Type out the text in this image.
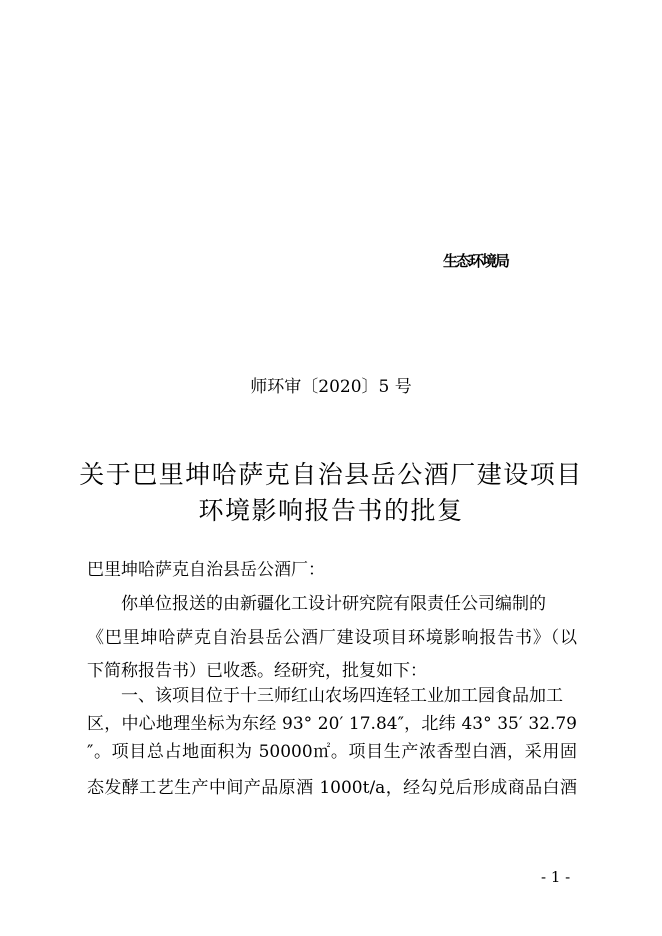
生态环境局
师环审〔2020〕5 号
关于巴里坤哈萨克自治县岳公酒厂建设项目
环境影响报告书的批复
巴里坤哈萨克自治县岳公酒厂：
你单位报送的由新疆化工设计研究院有限责任公司编制的
《巴里坤哈萨克自治县岳公酒厂建设项目环境影响报告书》（以
下简称报告书）已收悉。经研究，批复如下：
一、该项目位于十三师红山农场四连轻工业加工园食品加工
区，中心地理坐标为东经 93° 20′ 17.84″，北纬 43° 35′ 32.79
″。项目总占地面积为 50000㎡。项目生产浓香型白酒，采用固
态发酵工艺生产中间产品原酒 1000t/a，经勾兑后形成商品白酒
- 1 -
